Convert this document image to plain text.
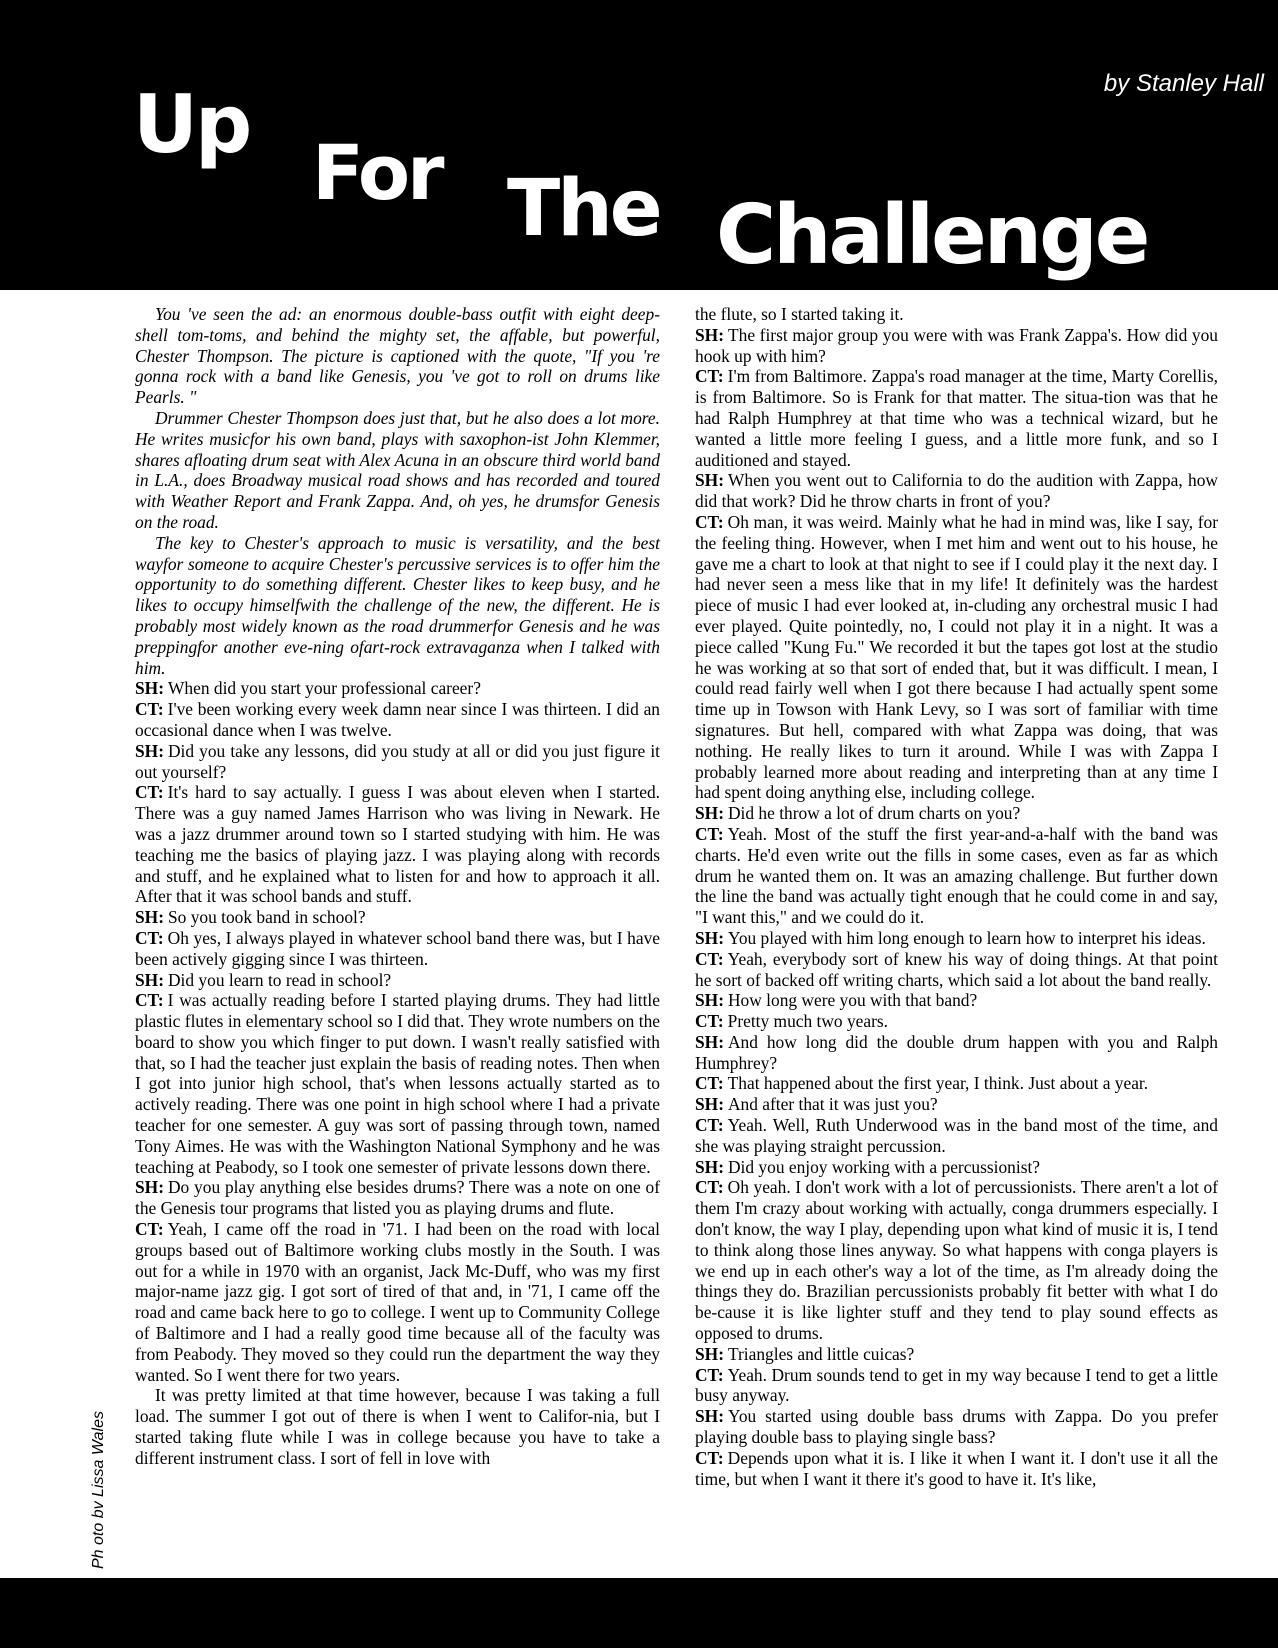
by Stanley Hall
Up
For The Challenge
Ph oto bv Lissa Wales

You 've seen the ad: an enormous double-bass outfit with eight deep-shell tom-toms, and behind the mighty set, the affable, but powerful, Chester Thompson. The picture is captioned with the quote, "If you 're gonna rock with a band like Genesis, you 've got to roll on drums like Pearls. "

Drummer Chester Thompson does just that, but he also does a lot more. He writes musicfor his own band, plays with saxophon-ist John Klemmer, shares afloating drum seat with Alex Acuna in an obscure third world band in L.A., does Broadway musical road shows and has recorded and toured with Weather Report and Frank Zappa. And, oh yes, he drumsfor Genesis on the road.

The key to Chester's approach to music is versatility, and the best wayfor someone to acquire Chester's percussive services is to offer him the opportunity to do something different. Chester likes to keep busy, and he likes to occupy himselfwith the challenge of the new, the different. He is probably most widely known as the road drummerfor Genesis and he was preppingfor another eve-ning ofart-rock extravaganza when I talked with him.

SH: When did you start your professional career?

CT: I've been working every week damn near since I was thirteen. I did an occasional dance when I was twelve.

SH: Did you take any lessons, did you study at all or did you just figure it out yourself?

CT: It's hard to say actually. I guess I was about eleven when I started. There was a guy named James Harrison who was living in Newark. He was a jazz drummer around town so I started studying with him. He was teaching me the basics of playing jazz. I was playing along with records and stuff, and he explained what to listen for and how to approach it all. After that it was school bands and stuff.

SH: So you took band in school?

CT: Oh yes, I always played in whatever school band there was, but I have been actively gigging since I was thirteen.

SH: Did you learn to read in school?

CT: I was actually reading before I started playing drums. They had little plastic flutes in elementary school so I did that. They wrote numbers on the board to show you which finger to put down. I wasn't really satisfied with that, so I had the teacher just explain the basis of reading notes. Then when I got into junior high school, that's when lessons actually started as to actively reading. There was one point in high school where I had a private teacher for one semester. A guy was sort of passing through town, named Tony Aimes. He was with the Washington National Symphony and he was teaching at Peabody, so I took one semester of private lessons down there.

SH: Do you play anything else besides drums? There was a note on one of the Genesis tour programs that listed you as playing drums and flute.

CT: Yeah, I came off the road in '71. I had been on the road with local groups based out of Baltimore working clubs mostly in the South. I was out for a while in 1970 with an organist, Jack Mc-Duff, who was my first major-name jazz gig. I got sort of tired of that and, in '71, I came off the road and came back here to go to college. I went up to Community College of Baltimore and I had a really good time because all of the faculty was from Peabody. They moved so they could run the department the way they wanted. So I went there for two years.

It was pretty limited at that time however, because I was taking a full load. The summer I got out of there is when I went to Califor-nia, but I started taking flute while I was in college because you have to take a different instrument class. I sort of fell in love with

the flute, so I started taking it.

SH: The first major group you were with was Frank Zappa's. How did you hook up with him?

CT: I'm from Baltimore. Zappa's road manager at the time, Marty Corellis, is from Baltimore. So is Frank for that matter. The situa-tion was that he had Ralph Humphrey at that time who was a technical wizard, but he wanted a little more feeling I guess, and a little more funk, and so I auditioned and stayed.

SH: When you went out to California to do the audition with Zappa, how did that work? Did he throw charts in front of you?

CT: Oh man, it was weird. Mainly what he had in mind was, like I say, for the feeling thing. However, when I met him and went out to his house, he gave me a chart to look at that night to see if I could play it the next day. I had never seen a mess like that in my life! It definitely was the hardest piece of music I had ever looked at, in-cluding any orchestral music I had ever played. Quite pointedly, no, I could not play it in a night. It was a piece called "Kung Fu." We recorded it but the tapes got lost at the studio he was working at so that sort of ended that, but it was difficult. I mean, I could read fairly well when I got there because I had actually spent some time up in Towson with Hank Levy, so I was sort of familiar with time signatures. But hell, compared with what Zappa was doing, that was nothing. He really likes to turn it around. While I was with Zappa I probably learned more about reading and interpreting than at any time I had spent doing anything else, including college.

SH: Did he throw a lot of drum charts on you?

CT: Yeah. Most of the stuff the first year-and-a-half with the band was charts. He'd even write out the fills in some cases, even as far as which drum he wanted them on. It was an amazing challenge. But further down the line the band was actually tight enough that he could come in and say, "I want this," and we could do it.

SH: You played with him long enough to learn how to interpret his ideas.

CT: Yeah, everybody sort of knew his way of doing things. At that point he sort of backed off writing charts, which said a lot about the band really.

SH: How long were you with that band?

CT: Pretty much two years.

SH: And how long did the double drum happen with you and Ralph Humphrey?

CT: That happened about the first year, I think. Just about a year.

SH: And after that it was just you?

CT: Yeah. Well, Ruth Underwood was in the band most of the time, and she was playing straight percussion.

SH: Did you enjoy working with a percussionist?

CT: Oh yeah. I don't work with a lot of percussionists. There aren't a lot of them I'm crazy about working with actually, conga drummers especially. I don't know, the way I play, depending upon what kind of music it is, I tend to think along those lines anyway. So what happens with conga players is we end up in each other's way a lot of the time, as I'm already doing the things they do. Brazilian percussionists probably fit better with what I do be-cause it is like lighter stuff and they tend to play sound effects as opposed to drums.

SH: Triangles and little cuicas?

CT: Yeah. Drum sounds tend to get in my way because I tend to get a little busy anyway.

SH: You started using double bass drums with Zappa. Do you prefer playing double bass to playing single bass?

CT: Depends upon what it is. I like it when I want it. I don't use it all the time, but when I want it there it's good to have it. It's like,
